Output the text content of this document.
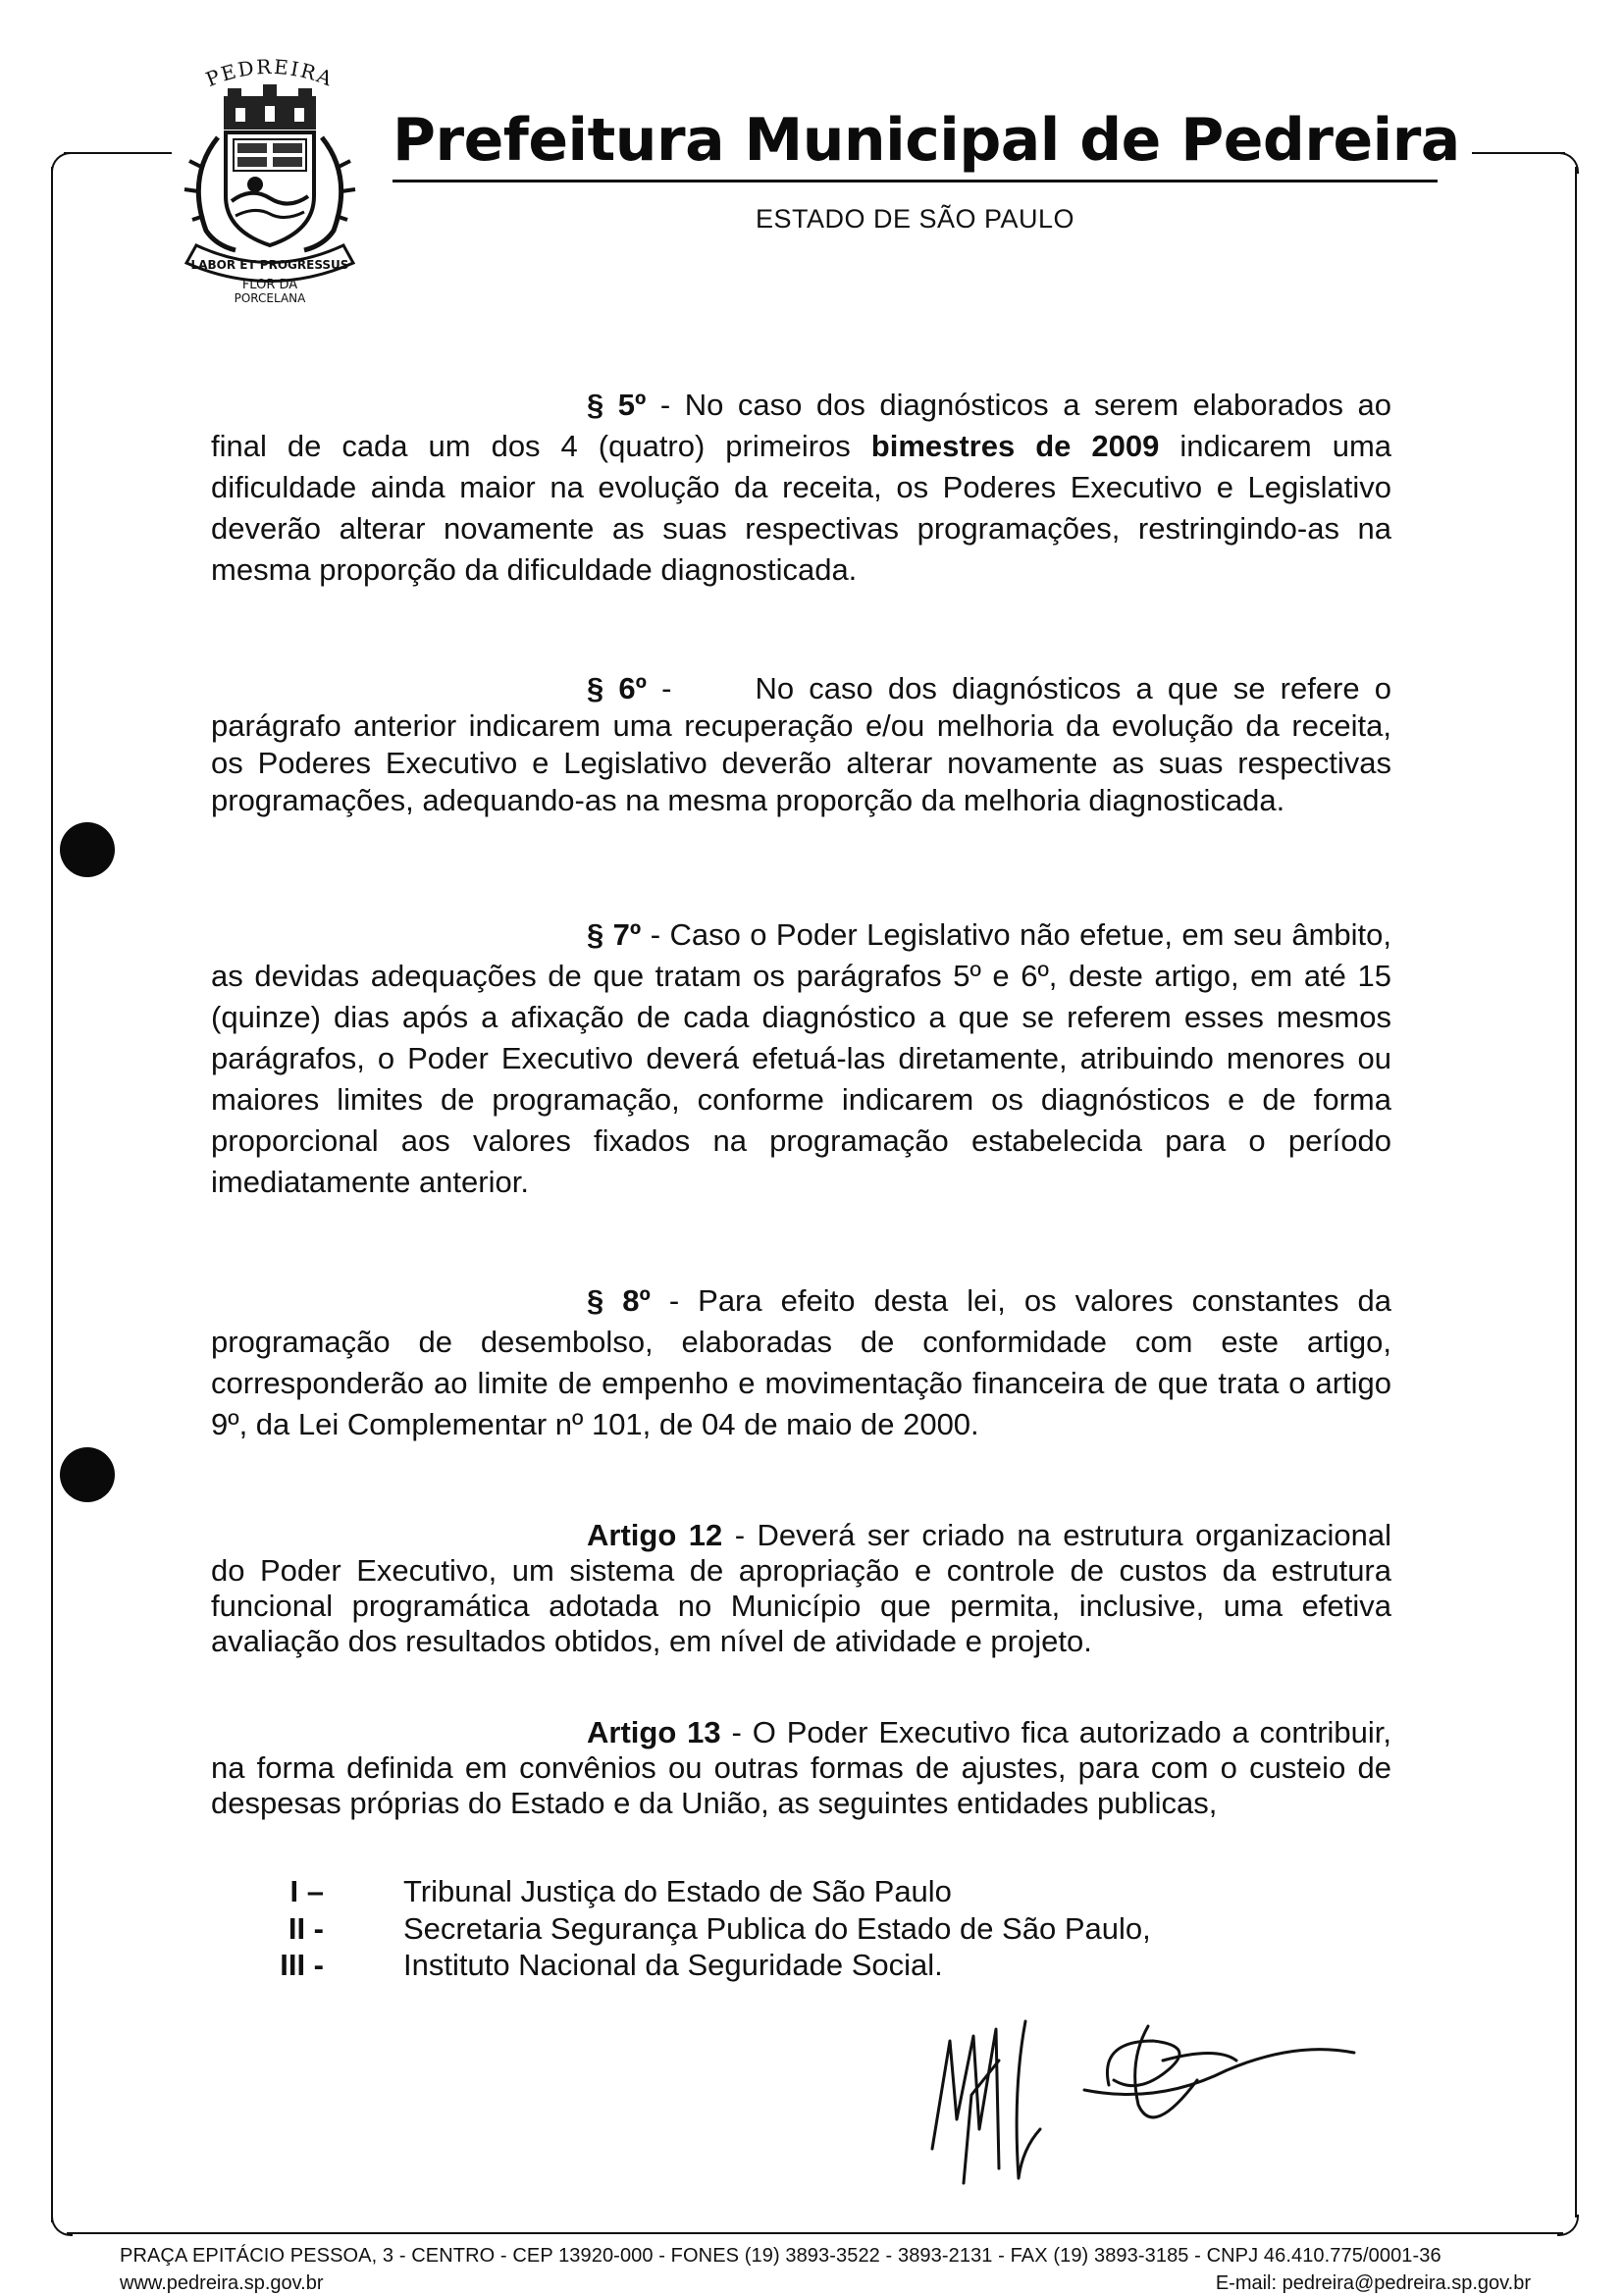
PEDREIRA
LABOR ET PROGRESSUS
FLOR DA
PORCELANA
Prefeitura Municipal de Pedreira
ESTADO DE SÃO PAULO
§ 5º - No caso dos diagnósticos a serem elaborados ao final de cada um dos 4 (quatro) primeiros bimestres de 2009 indicarem uma dificuldade ainda maior na evolução da receita, os Poderes Executivo e Legislativo deverão alterar novamente as suas respectivas programações, restringindo-as na mesma proporção da dificuldade diagnosticada.
§ 6º -	No caso dos diagnósticos a que se refere o parágrafo anterior indicarem uma recuperação e/ou melhoria da evolução da receita, os Poderes Executivo e Legislativo deverão alterar novamente as suas respectivas programações, adequando-as na mesma proporção da melhoria diagnosticada.
§ 7º - Caso o Poder Legislativo não efetue, em seu âmbito, as devidas adequações de que tratam os parágrafos 5º e 6º, deste artigo, em até 15 (quinze) dias após a afixação de cada diagnóstico a que se referem esses mesmos parágrafos, o Poder Executivo deverá efetuá-las diretamente, atribuindo menores ou maiores limites de programação, conforme indicarem os diagnósticos e de forma proporcional aos valores fixados na programação estabelecida para o período imediatamente anterior.
§ 8º - Para efeito desta lei, os valores constantes da programação de desembolso, elaboradas de conformidade com este artigo, corresponderão ao limite de empenho e movimentação financeira de que trata o artigo 9º, da Lei Complementar nº 101, de 04 de maio de 2000.
Artigo 12 - Deverá ser criado na estrutura organizacional do Poder Executivo, um sistema de apropriação e controle de custos da estrutura funcional programática adotada no Município que permita, inclusive, uma efetiva avaliação dos resultados obtidos, em nível de atividade e projeto.
Artigo 13 - O Poder Executivo fica autorizado a contribuir, na forma definida em convênios ou outras formas de ajustes, para com o custeio de despesas próprias do Estado e da União, as seguintes entidades publicas,
I –	Tribunal Justiça do Estado de São Paulo
II -	Secretaria Segurança Publica do Estado de São Paulo,
III -	Instituto Nacional da Seguridade Social.
PRAÇA EPITÁCIO PESSOA, 3 - CENTRO - CEP 13920-000 - FONES (19) 3893-3522 - 3893-2131 - FAX (19) 3893-3185 - CNPJ 46.410.775/0001-36
www.pedreira.sp.gov.br	E-mail: pedreira@pedreira.sp.gov.br
